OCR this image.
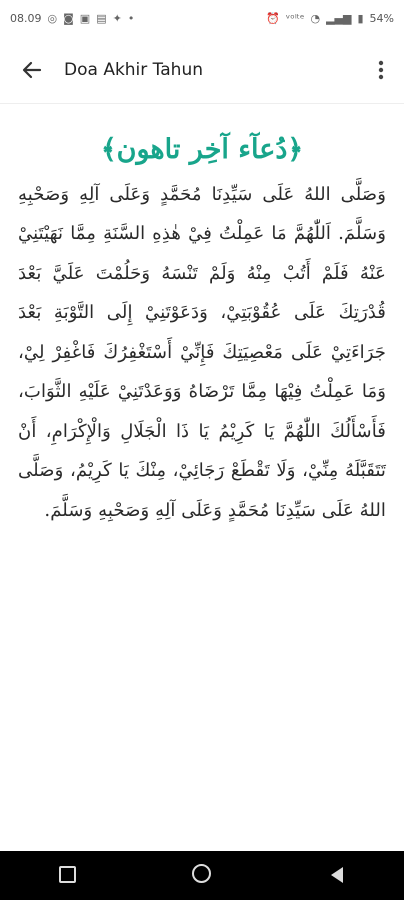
08.09 ◎ ◙ ▣ ▤ ✦ •	⏰ ᵛᵒˡᵗᵉ ◔ ▂▄▆ ▮ 54%
Doa Akhir Tahun
﴿دُعآء آخِر تاهون﴾
وَصَلَّى اللهُ عَلَى سَيِّدِنَا مُحَمَّدٍ وَعَلَى آلِهِ وَصَحْبِهِ وَسَلَّمَ. اَللّٰهُمَّ مَا عَمِلْتُ فِيْ هٰذِهِ السَّنَةِ مِمَّا نَهَيْتَنِيْ عَنْهُ فَلَمْ أَتُبْ مِنْهُ وَلَمْ تَنْسَهُ وَحَلُمْتَ عَلَيَّ بَعْدَ قُدْرَتِكَ عَلَى عُقُوْبَتِيْ، وَدَعَوْتَنِيْ إِلَى التَّوْبَةِ بَعْدَ جَرَاءَتِيْ عَلَى مَعْصِيَتِكَ فَإِنِّيْ أَسْتَغْفِرُكَ فَاغْفِرْ لِيْ، وَمَا عَمِلْتُ فِيْهَا مِمَّا تَرْضَاهُ وَوَعَدْتَنِيْ عَلَيْهِ الثَّوَابَ، فَأَسْأَلُكَ اللّٰهُمَّ يَا كَرِيْمُ يَا ذَا الْجَلَالِ وَالْإِكْرَامِ، أَنْ تَتَقَبَّلَهُ مِنِّيْ، وَلَا تَقْطَعْ رَجَائِيْ، مِنْكَ يَا كَرِيْمُ، وَصَلَّى اللهُ عَلَى سَيِّدِنَا مُحَمَّدٍ وَعَلَى آلِهِ وَصَحْبِهِ وَسَلَّمَ.
